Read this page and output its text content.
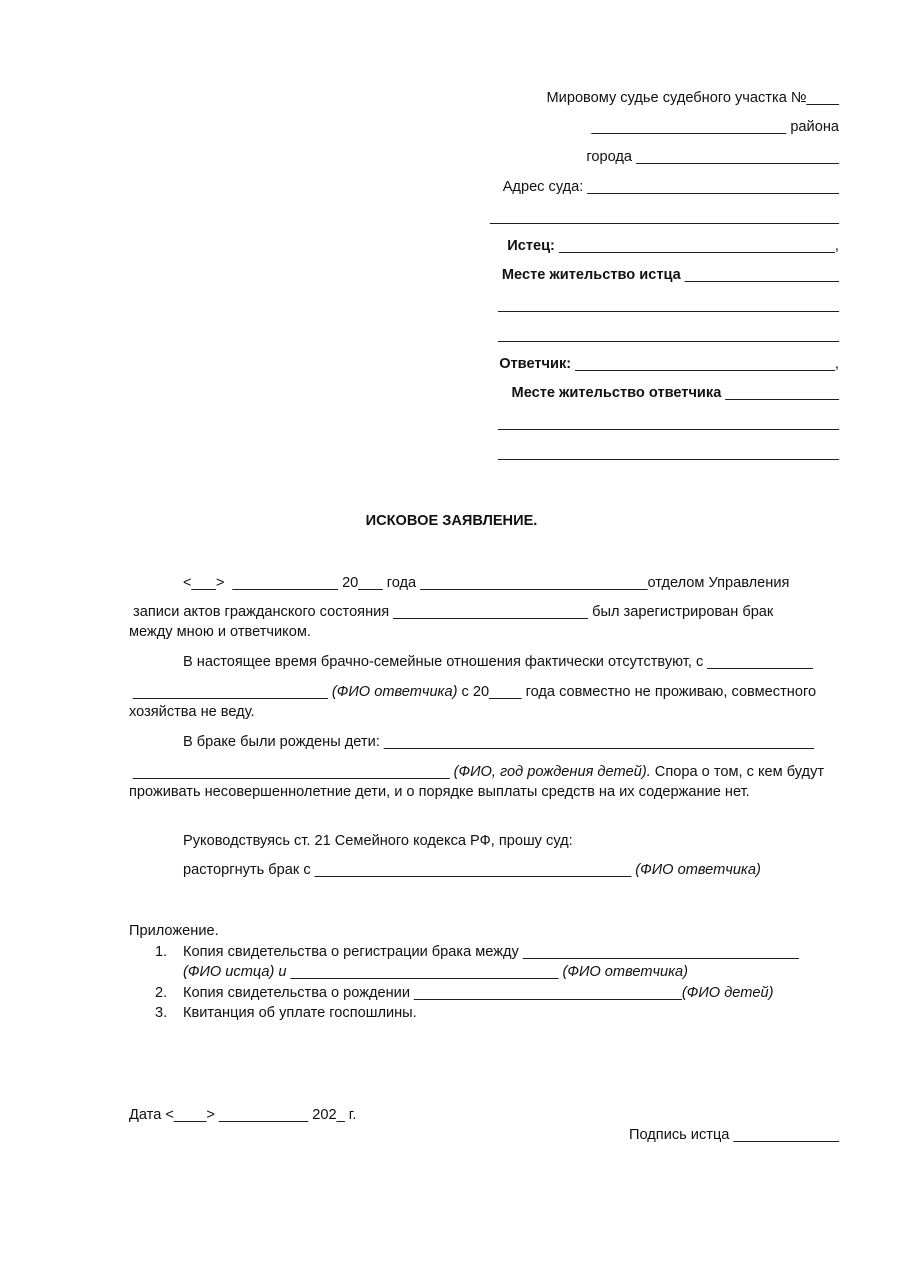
Мировому судье судебного участка №____
________________________ района
города _________________________
Адрес суда: _______________________________
___________________________________________
Истец: __________________________________,
Месте жительство истца ___________________
__________________________________________
__________________________________________
Ответчик: ________________________________,
Месте жительство ответчика ______________
__________________________________________
__________________________________________
ИСКОВОЕ ЗАЯВЛЕНИЕ.
<___>  _____________ 20___ года ____________________________отделом Управления
записи актов гражданского состояния ________________________ был зарегистрирован брак
между мною и ответчиком.
В настоящее время брачно-семейные отношения фактически отсутствуют, с _____________
________________________ (ФИО ответчика) с 20____ года совместно не проживаю, совместного
хозяйства не веду.
В браке были рождены дети: _____________________________________________________
_______________________________________ (ФИО, год рождения детей). Спора о том, с кем будут
проживать несовершеннолетние дети, и о порядке выплаты средств на их содержание нет.
Руководствуясь ст. 21 Семейного кодекса РФ, прошу суд:
расторгнуть брак с _______________________________________ (ФИО ответчика)
Приложение.
1. Копия свидетельства о регистрации брака между __________________________________
(ФИО истца) и _________________________________ (ФИО ответчика)
2. Копия свидетельства о рождении _________________________________(ФИО детей)
3. Квитанция об уплате госпошлины.
Дата <____> ___________ 202_ г.
Подпись истца _____________
